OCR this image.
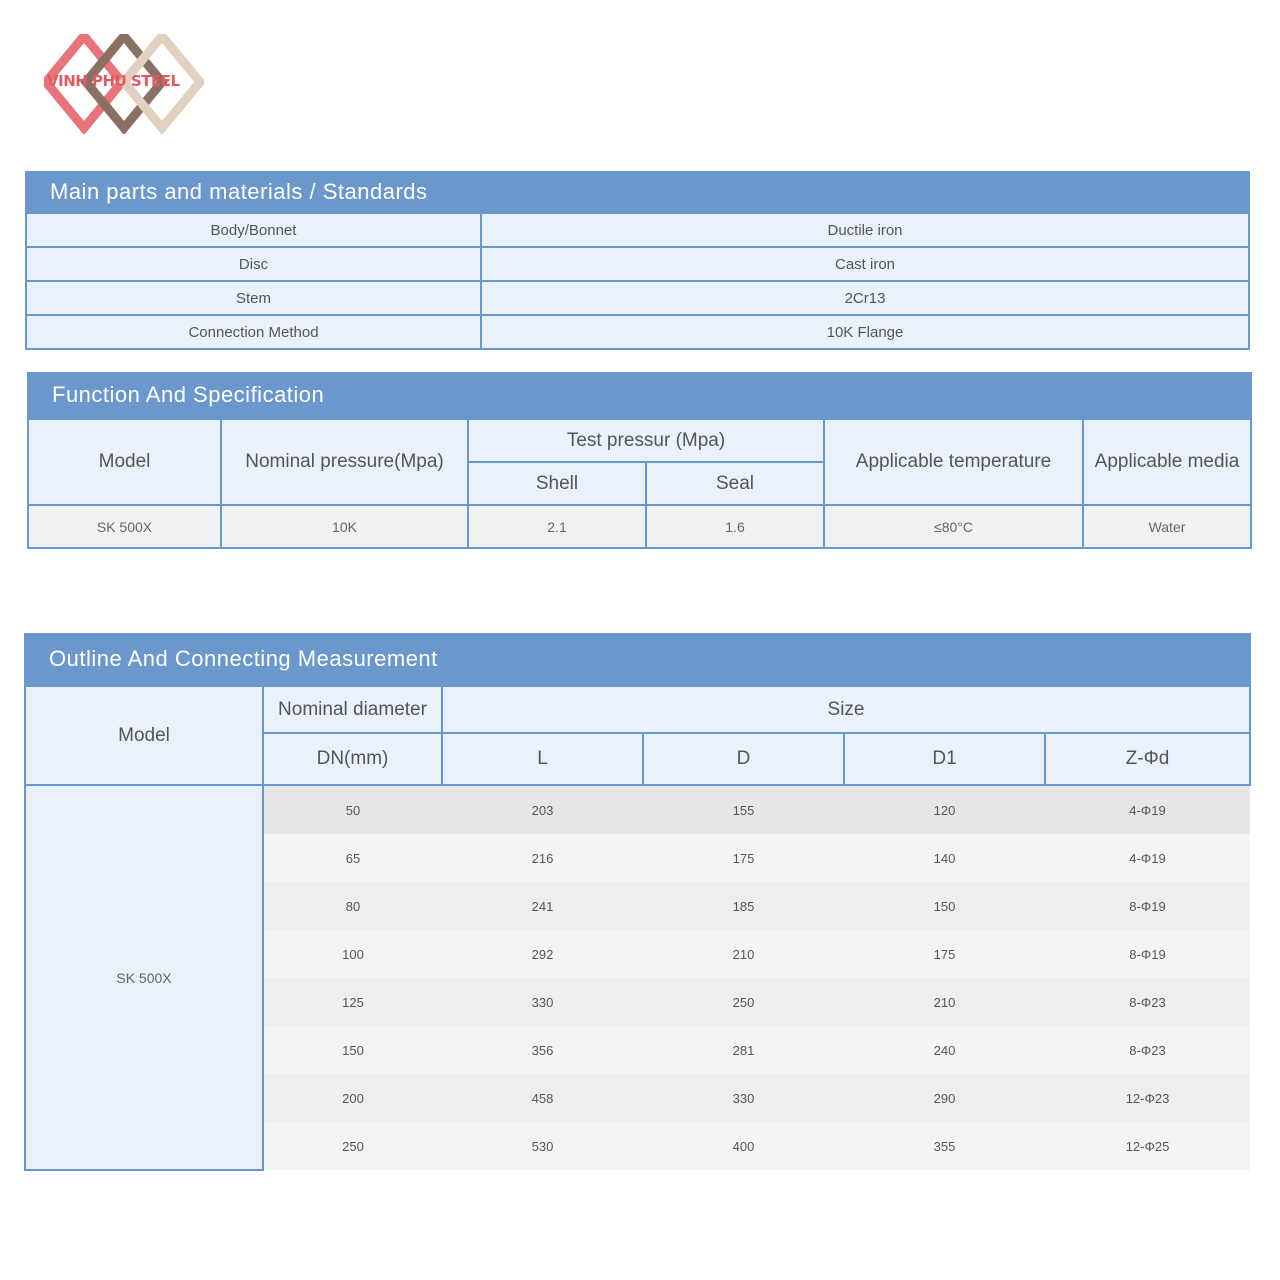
VINH PHU STEEL
Main parts and materials / Standards
Body/Bonnet	Ductile iron
Disc	Cast iron
Stem	2Cr13
Connection Method	10K Flange
Function And Specification
Model	Nominal pressure(Mpa)	Test pressur (Mpa)		Applicable temperature	Applicable media
		Shell	Seal		
SK 500X	10K	2.1	1.6	≤80°C	Water
Outline And Connecting Measurement
Model	Nominal diameter	Size			
	DN(mm)	L	D	D1	Z-Φd
SK 500X	50	203	155	120	4-Φ19
	65	216	175	140	4-Φ19
	80	241	185	150	8-Φ19
	100	292	210	175	8-Φ19
	125	330	250	210	8-Φ23
	150	356	281	240	8-Φ23
	200	458	330	290	12-Φ23
	250	530	400	355	12-Φ25
